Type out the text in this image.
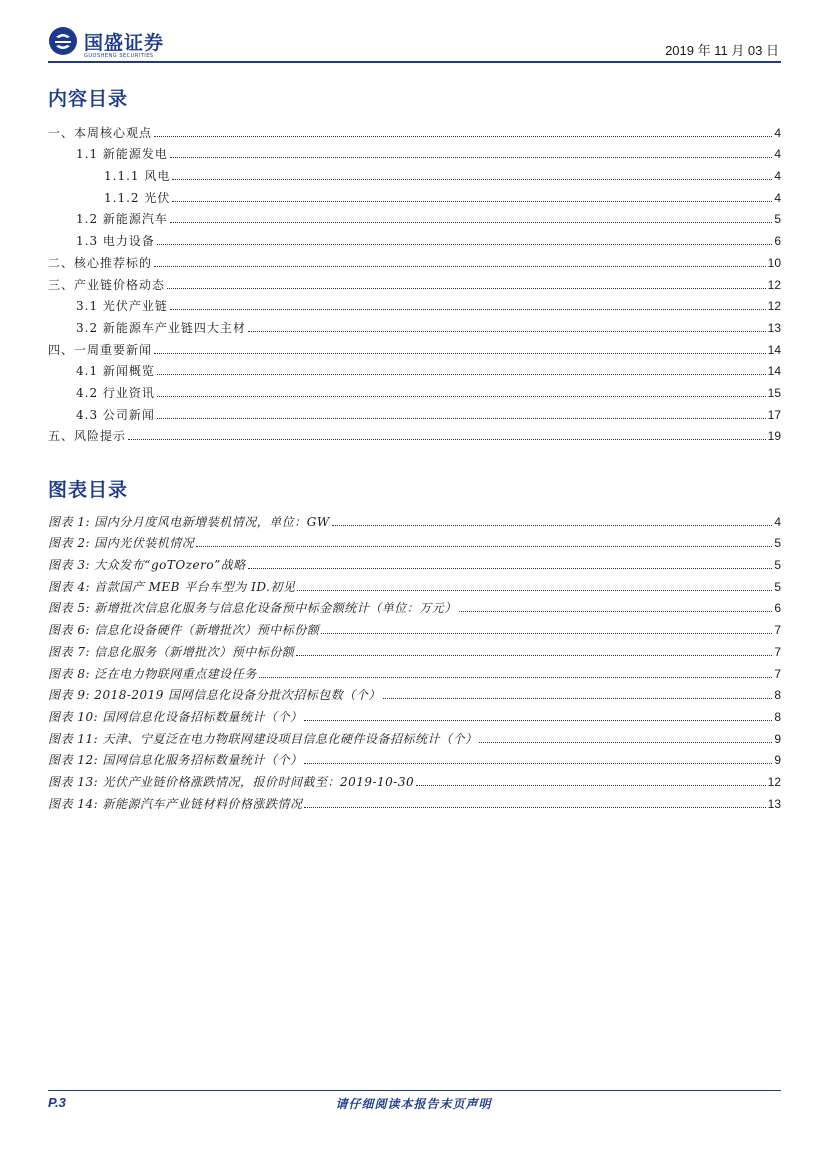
国盛证券
GUOSHENG SECURITIES	2019 年 11 月 03 日
内容目录
一、本周核心观点	4
1.1 新能源发电	4
1.1.1 风电	4
1.1.2 光伏	4
1.2 新能源汽车	5
1.3 电力设备	6
二、核心推荐标的	10
三、产业链价格动态	12
3.1 光伏产业链	12
3.2 新能源车产业链四大主材	13
四、一周重要新闻	14
4.1 新闻概览	14
4.2 行业资讯	15
4.3 公司新闻	17
五、风险提示	19
图表目录
图表 1: 国内分月度风电新增装机情况，单位：GW	4
图表 2: 国内光伏装机情况	5
图表 3: 大众发布“goTOzero”战略	5
图表 4: 首款国产 MEB 平台车型为 ID.初见	5
图表 5: 新增批次信息化服务与信息化设备预中标金额统计（单位：万元）	6
图表 6: 信息化设备硬件（新增批次）预中标份额	7
图表 7: 信息化服务（新增批次）预中标份额	7
图表 8: 泛在电力物联网重点建设任务	7
图表 9: 2018-2019 国网信息化设备分批次招标包数（个）	8
图表 10: 国网信息化设备招标数量统计（个）	8
图表 11: 天津、宁夏泛在电力物联网建设项目信息化硬件设备招标统计（个）	9
图表 12: 国网信息化服务招标数量统计（个）	9
图表 13: 光伏产业链价格涨跌情况，报价时间截至：2019-10-30	12
图表 14: 新能源汽车产业链材料价格涨跌情况	13
请仔细阅读本报告末页声明
P.3
